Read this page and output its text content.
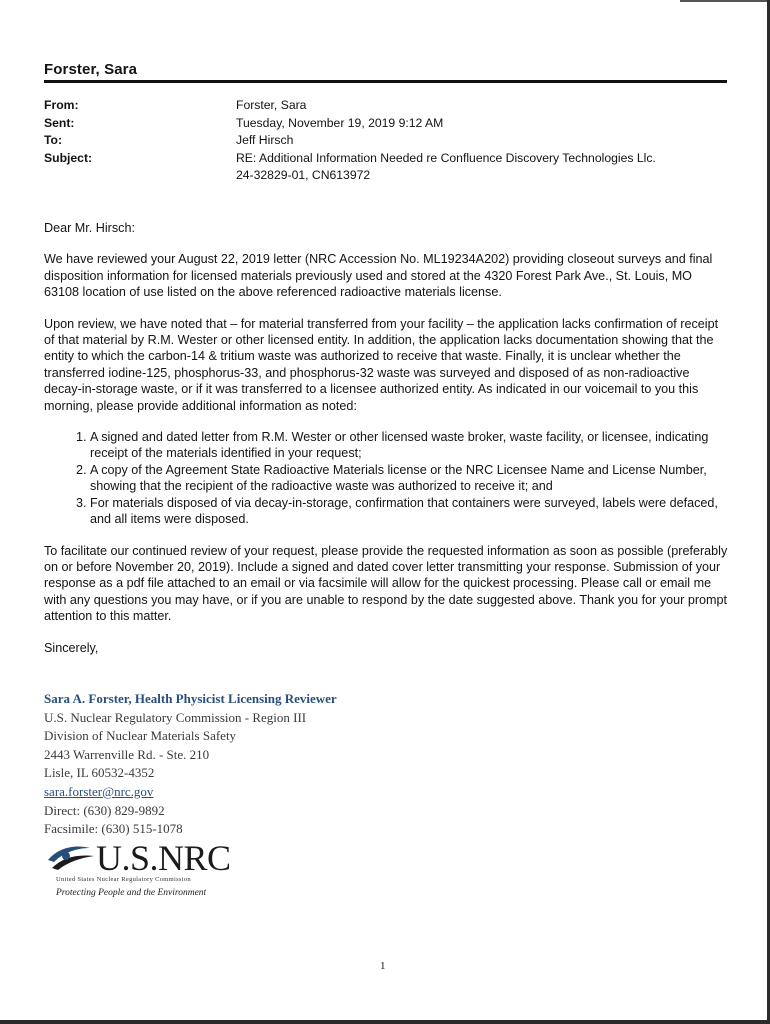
Forster, Sara
From:	Forster, Sara
Sent:	Tuesday, November 19, 2019 9:12 AM
To:	Jeff Hirsch
Subject:	RE: Additional Information Needed re Confluence Discovery Technologies Llc.
24-32829-01, CN613972

Dear Mr. Hirsch:

We have reviewed your August 22, 2019 letter (NRC Accession No. ML19234A202) providing closeout surveys and final disposition information for licensed materials previously used and stored at the 4320 Forest Park Ave., St. Louis, MO 63108 location of use listed on the above referenced radioactive materials license.

Upon review, we have noted that – for material transferred from your facility – the application lacks confirmation of receipt of that material by R.M. Wester or other licensed entity. In addition, the application lacks documentation showing that the entity to which the carbon-14 & tritium waste was authorized to receive that waste. Finally, it is unclear whether the transferred iodine-125, phosphorus-33, and phosphorus-32 waste was surveyed and disposed of as non-radioactive decay-in-storage waste, or if it was transferred to a licensee authorized entity. As indicated in our voicemail to you this morning, please provide additional information as noted:

1. A signed and dated letter from R.M. Wester or other licensed waste broker, waste facility, or licensee, indicating receipt of the materials identified in your request;
2. A copy of the Agreement State Radioactive Materials license or the NRC Licensee Name and License Number, showing that the recipient of the radioactive waste was authorized to receive it; and
3. For materials disposed of via decay-in-storage, confirmation that containers were surveyed, labels were defaced, and all items were disposed.

To facilitate our continued review of your request, please provide the requested information as soon as possible (preferably on or before November 20, 2019). Include a signed and dated cover letter transmitting your response. Submission of your response as a pdf file attached to an email or via facsimile will allow for the quickest processing. Please call or email me with any questions you may have, or if you are unable to respond by the date suggested above. Thank you for your prompt attention to this matter.

Sincerely,

Sara A. Forster, Health Physicist Licensing Reviewer
U.S. Nuclear Regulatory Commission - Region III
Division of Nuclear Materials Safety
2443 Warrenville Rd. - Ste. 210
Lisle, IL 60532-4352
sara.forster@nrc.gov
Direct: (630) 829-9892
Facsimile: (630) 515-1078
U.S.NRC
United States Nuclear Regulatory Commission
Protecting People and the Environment
1
